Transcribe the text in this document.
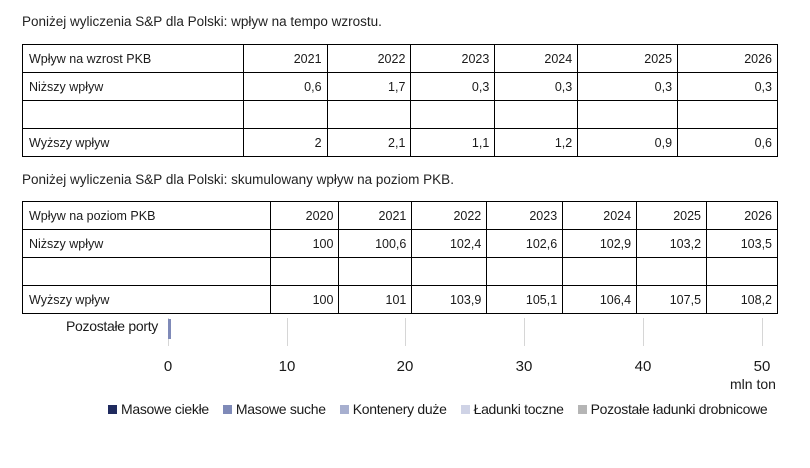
Poniżej wyliczenia S&P dla Polski: wpływ na tempo wzrostu.
Wpływ na wzrost PKB	2021	2022	2023	2024	2025	2026
Niższy wpływ	0,6	1,7	0,3	0,3	0,3	0,3

Wyższy wpływ	2	2,1	1,1	1,2	0,9	0,6
Poniżej wyliczenia S&P dla Polski: skumulowany wpływ na poziom PKB.
Wpływ na poziom PKB	2020	2021	2022	2023	2024	2025	2026
Niższy wpływ	100	100,6	102,4	102,6	102,9	103,2	103,5

Wyższy wpływ	100	101	103,9	105,1	106,4	107,5	108,2
Pozostałe porty
0	10	20	30	40	50
mln ton
Masowe ciekłe Masowe suche Kontenery duże Ładunki toczne Pozostałe ładunki drobnicowe
